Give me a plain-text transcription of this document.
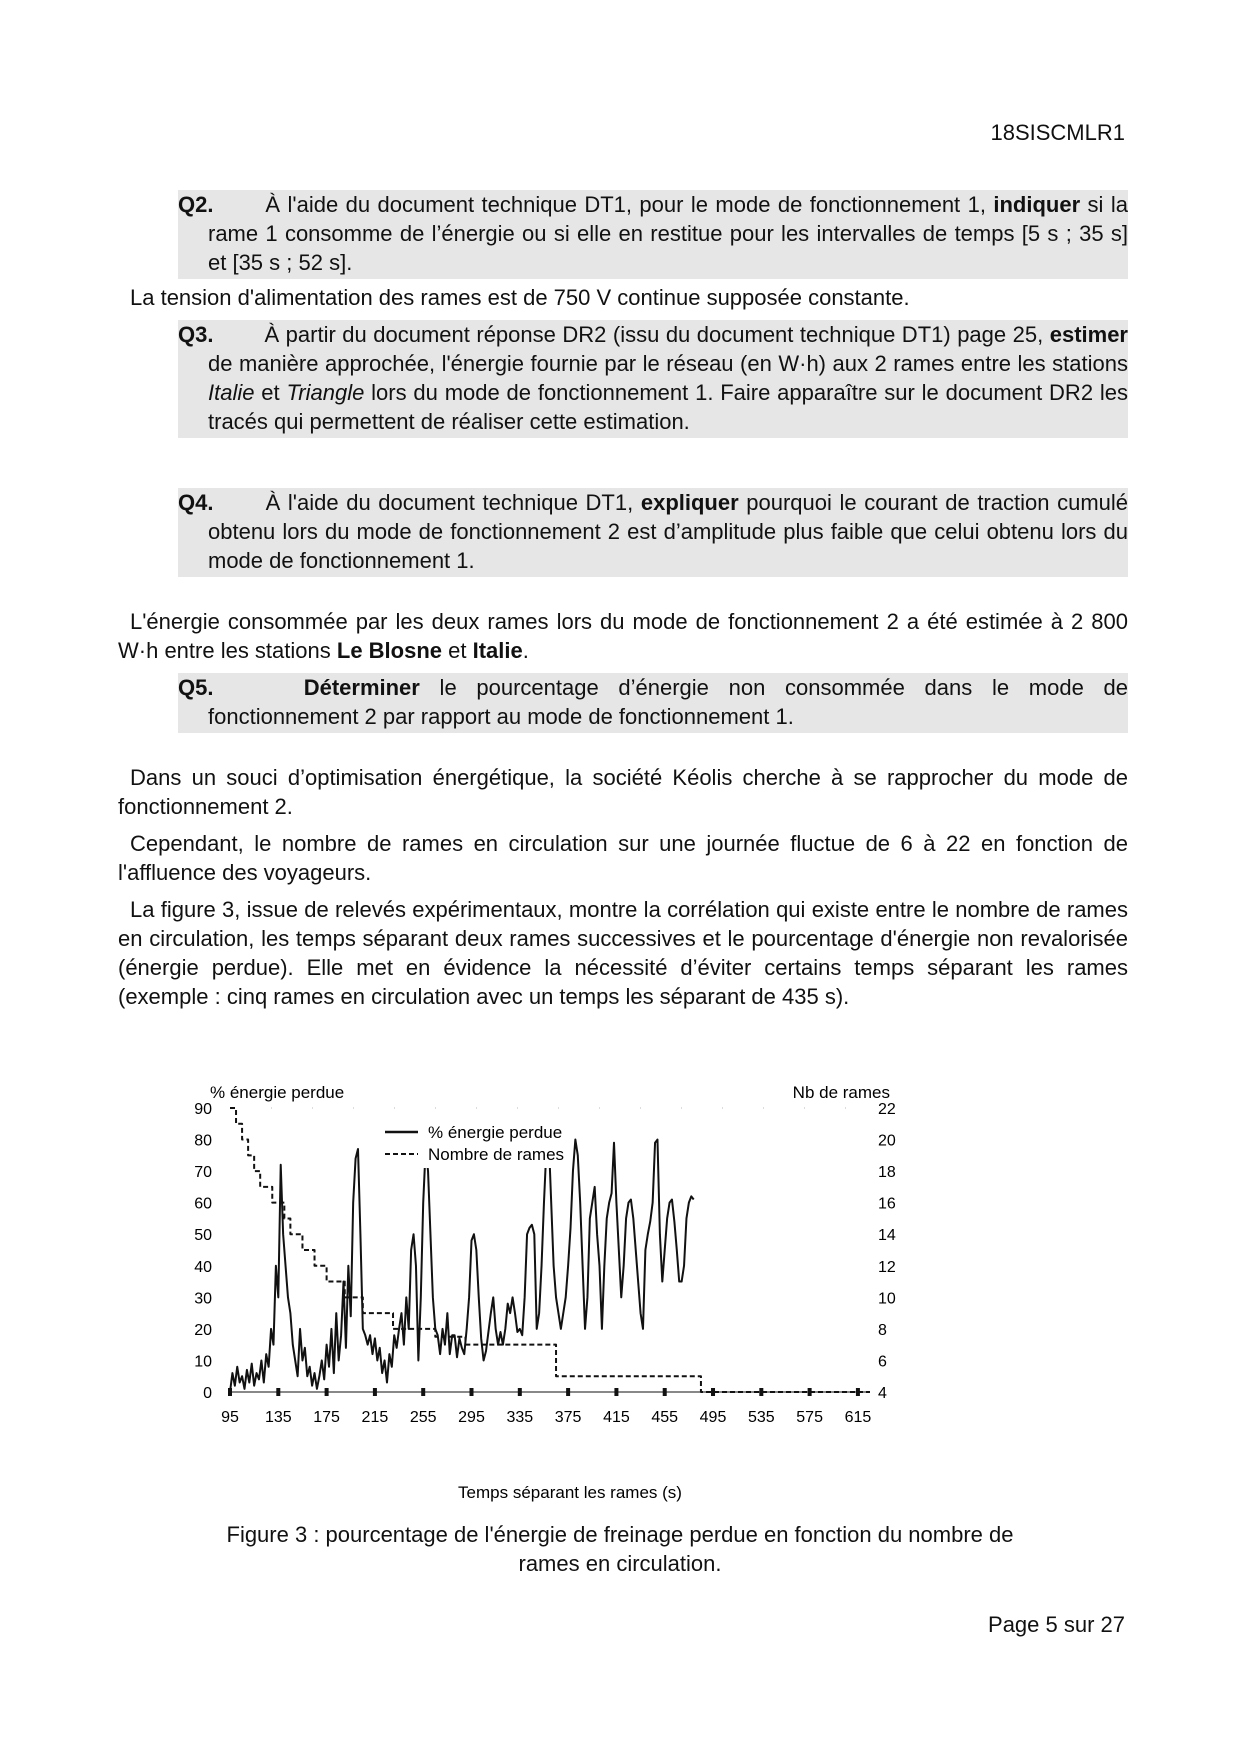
18SISCMLR1
Q2. À l'aide du document technique DT1, pour le mode de fonctionnement 1, indiquer si la rame 1 consomme de l’énergie ou si elle en restitue pour les intervalles de temps [5 s ; 35 s] et [35 s ; 52 s].
La tension d'alimentation des rames est de 750 V continue supposée constante.
Q3. À partir du document réponse DR2 (issu du document technique DT1) page 25, estimer de manière approchée, l'énergie fournie par le réseau (en W·h) aux 2 rames entre les stations Italie et Triangle lors du mode de fonctionnement 1. Faire apparaître sur le document DR2 les tracés qui permettent de réaliser cette estimation.
Q4. À l'aide du document technique DT1, expliquer pourquoi le courant de traction cumulé obtenu lors du mode de fonctionnement 2 est d’amplitude plus faible que celui obtenu lors du mode de fonctionnement 1.
L'énergie consommée par les deux rames lors du mode de fonctionnement 2 a été estimée à 2 800 W·h entre les stations Le Blosne et Italie.
Q5.	Déterminer le pourcentage d’énergie non consommée dans le mode de fonctionnement 2 par rapport au mode de fonctionnement 1.
Dans un souci d’optimisation énergétique, la société Kéolis cherche à se rapprocher du mode de fonctionnement 2.
Cependant, le nombre de rames en circulation sur une journée fluctue de 6 à 22 en fonction de l'affluence des voyageurs.
La figure 3, issue de relevés expérimentaux, montre la corrélation qui existe entre le nombre de rames en circulation, les temps séparant deux rames successives et le pourcentage d'énergie non revalorisée (énergie perdue). Elle met en évidence la nécessité d’éviter certains temps séparant les rames (exemple : cinq rames en circulation avec un temps les séparant de 435 s).
% énergie perdue	Nb de rames
0
10
20
30
40
50
60
70
80
90
4
6
8
10
12
14
16
18
20
22
95 135 175 215 255 295 335 375 415 455 495 535 575 615
% énergie perdue
Nombre de rames
Temps séparant les rames (s)
Figure 3 : pourcentage de l'énergie de freinage perdue en fonction du nombre de
rames en circulation.
Page 5 sur 27
